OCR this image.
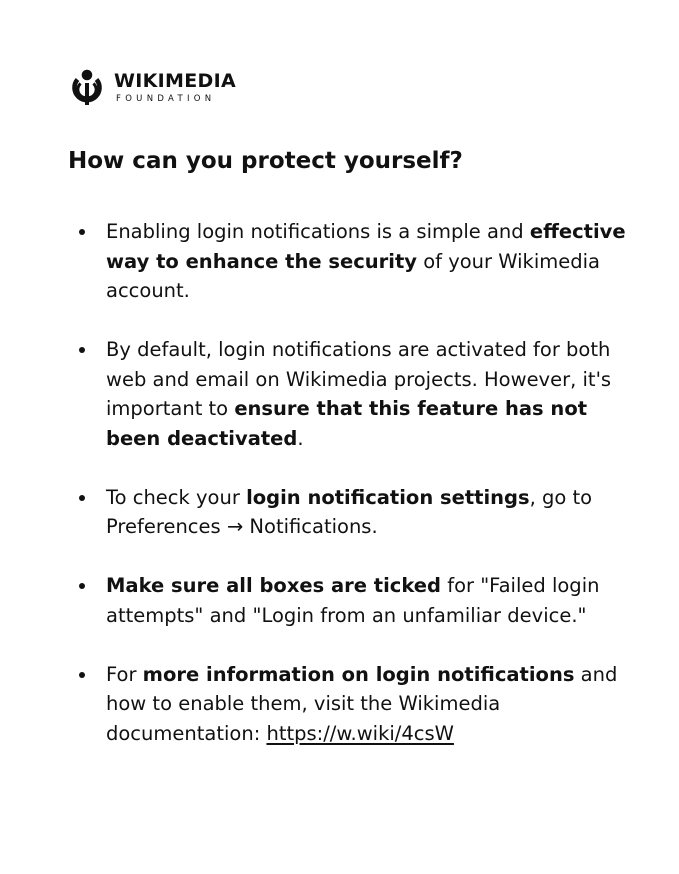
WIKIMEDIA
FOUNDATION
How can you protect yourself?
Enabling login notifications is a simple and effective way to enhance the security of your Wikimedia account.
By default, login notifications are activated for both web and email on Wikimedia projects. However, it's important to ensure that this feature has not been deactivated.
To check your login notification settings, go to Preferences → Notifications.
Make sure all boxes are ticked for "Failed login attempts" and "Login from an unfamiliar device."
For more information on login notifications and how to enable them, visit the Wikimedia documentation: https://w.wiki/4csW
